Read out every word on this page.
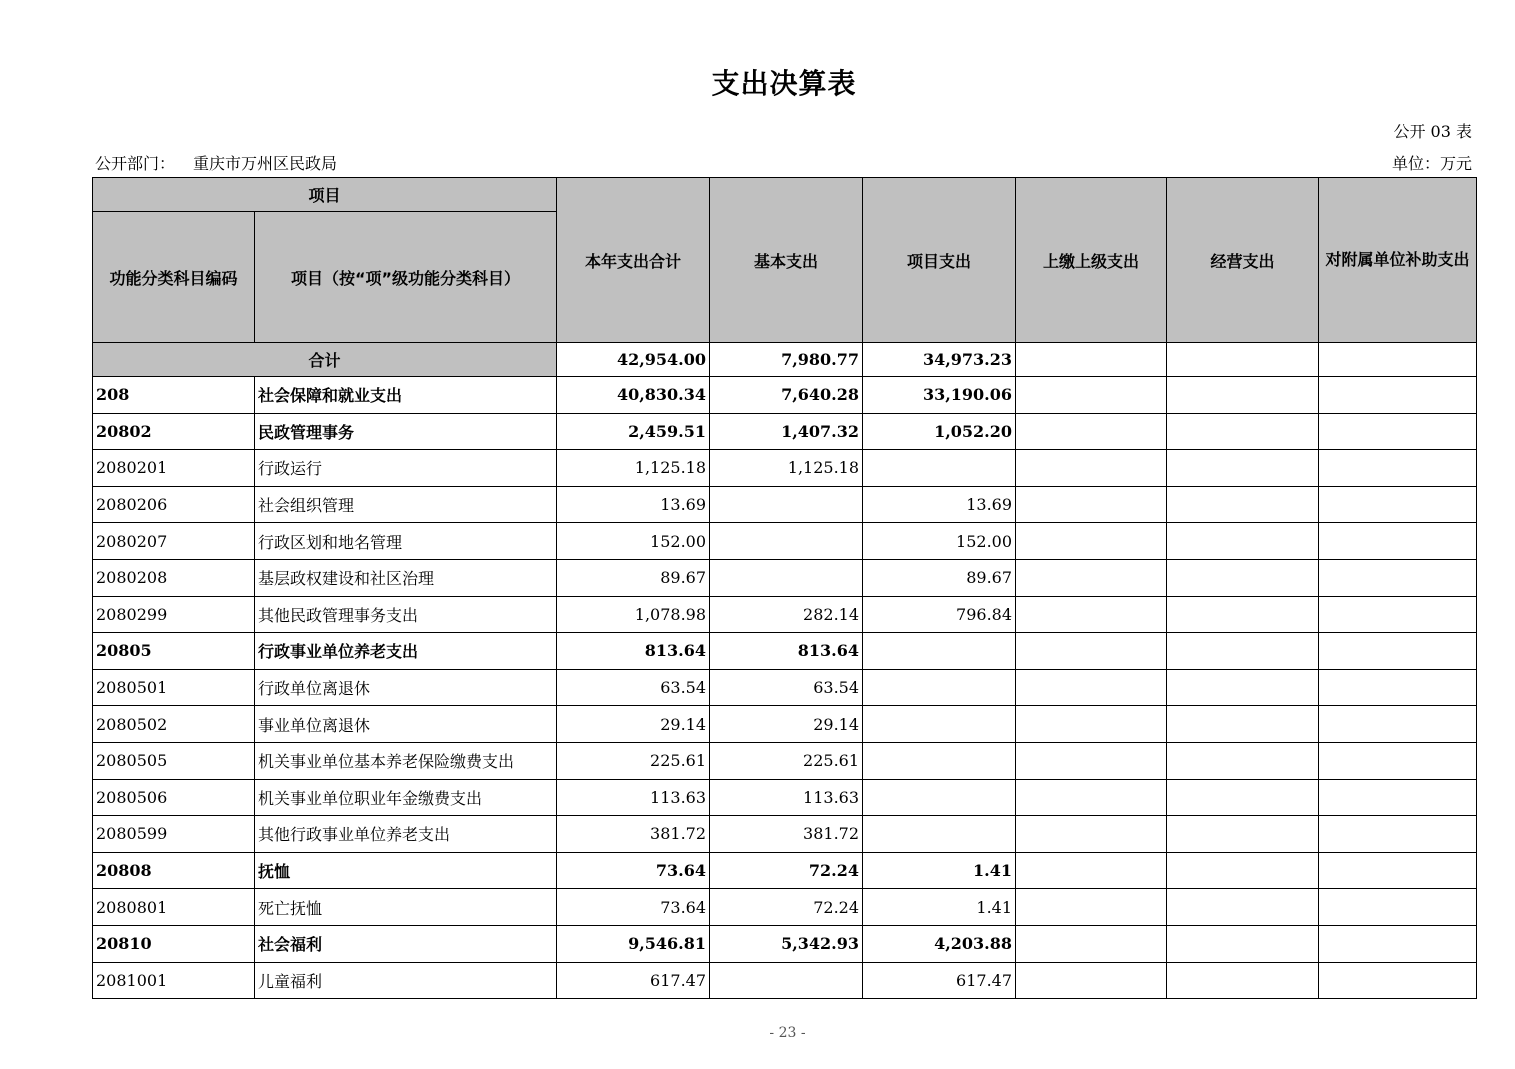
支出决算表
公开 03 表
公开部门： 重庆市万州区民政局	单位：万元
项目		本年支出合计	基本支出	项目支出	上缴上级支出	经营支出	对附属单位补助支出
功能分类科目编码	项目（按“项”级功能分类科目）						
合计		42,954.00	7,980.77	34,973.23			
208	社会保障和就业支出	40,830.34	7,640.28	33,190.06			
20802	民政管理事务	2,459.51	1,407.32	1,052.20			
2080201	行政运行	1,125.18	1,125.18				
2080206	社会组织管理	13.69		13.69			
2080207	行政区划和地名管理	152.00		152.00			
2080208	基层政权建设和社区治理	89.67		89.67			
2080299	其他民政管理事务支出	1,078.98	282.14	796.84			
20805	行政事业单位养老支出	813.64	813.64				
2080501	行政单位离退休	63.54	63.54				
2080502	事业单位离退休	29.14	29.14				
2080505	机关事业单位基本养老保险缴费支出	225.61	225.61				
2080506	机关事业单位职业年金缴费支出	113.63	113.63				
2080599	其他行政事业单位养老支出	381.72	381.72				
20808	抚恤	73.64	72.24	1.41			
2080801	死亡抚恤	73.64	72.24	1.41			
20810	社会福利	9,546.81	5,342.93	4,203.88			
2081001	儿童福利	617.47		617.47			
- 23 -
